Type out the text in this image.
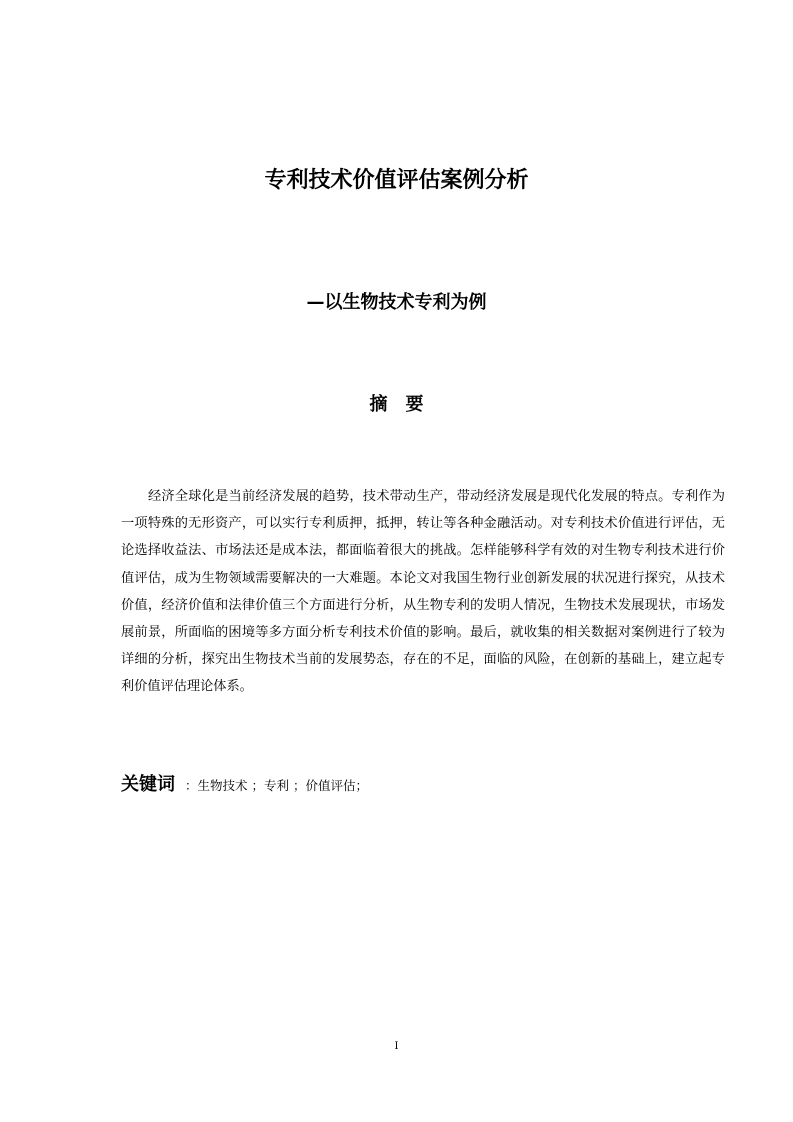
专利技术价值评估案例分析
—以生物技术专利为例
摘 要

经济全球化是当前经济发展的趋势，技术带动生产，带动经济发展是现代化发展的特点。专利作为一项特殊的无形资产，可以实行专利质押，抵押，转让等各种金融活动。对专利技术价值进行评估，无论选择收益法、市场法还是成本法，都面临着很大的挑战。怎样能够科学有效的对生物专利技术进行价值评估，成为生物领域需要解决的一大难题。本论文对我国生物行业创新发展的状况进行探究，从技术价值，经济价值和法律价值三个方面进行分析，从生物专利的发明人情况，生物技术发展现状，市场发展前景，所面临的困境等多方面分析专利技术价值的影响。最后，就收集的相关数据对案例进行了较为详细的分析，探究出生物技术当前的发展势态，存在的不足，面临的风险，在创新的基础上，建立起专利价值评估理论体系。

关键词 ：生物技术 ；专利 ；价值评估；

I
